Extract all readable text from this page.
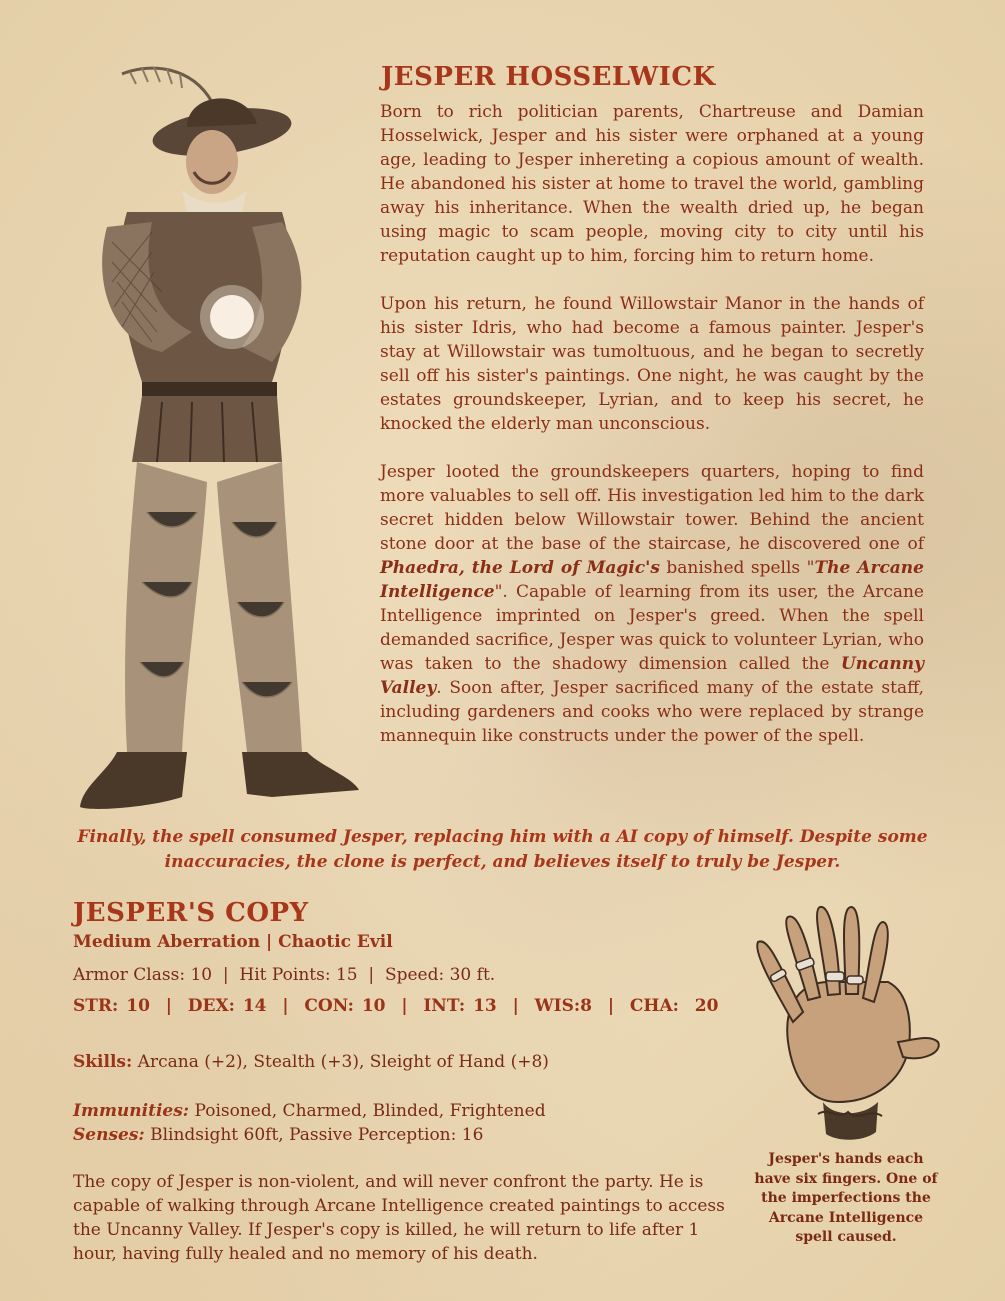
JESPER HOSSELWICK

Born to rich politician parents, Chartreuse and Damian Hosselwick, Jesper and his sister were orphaned at a young age, leading to Jesper inhereting a copious amount of wealth. He abandoned his sister at home to travel the world, gambling away his inheritance. When the wealth dried up, he began using magic to scam people, moving city to city until his reputation caught up to him, forcing him to return home.

Upon his return, he found Willowstair Manor in the hands of his sister Idris, who had become a famous painter. Jesper's stay at Willowstair was tumoltuous, and he began to secretly sell off his sister's paintings. One night, he was caught by the estates groundskeeper, Lyrian, and to keep his secret, he knocked the elderly man unconscious.

Jesper looted the groundskeepers quarters, hoping to find more valuables to sell off. His investigation led him to the dark secret hidden below Willowstair tower. Behind the ancient stone door at the base of the staircase, he discovered one of Phaedra, the Lord of Magic's banished spells "The Arcane Intelligence". Capable of learning from its user, the Arcane Intelligence imprinted on Jesper's greed. When the spell demanded sacrifice, Jesper was quick to volunteer Lyrian, who was taken to the shadowy dimension called the Uncanny Valley. Soon after, Jesper sacrificed many of the estate staff, including gardeners and cooks who were replaced by strange mannequin like constructs under the power of the spell.

Finally, the spell consumed Jesper, replacing him with a AI copy of himself. Despite some inaccuracies, the clone is perfect, and believes itself to truly be Jesper.
JESPER'S COPY
Medium Aberration | Chaotic Evil
Armor Class: 10  |  Hit Points: 15  |  Speed: 30 ft.
STR: 10  |  DEX: 14  |  CON: 10  |  INT: 13  |  WIS:8  |  CHA:  20
Skills: Arcana (+2), Stealth (+3), Sleight of Hand (+8)
Immunities: Poisoned, Charmed, Blinded, Frightened
Senses: Blindsight 60ft, Passive Perception: 16
The copy of Jesper is non-violent, and will never confront the party. He is capable of walking through Arcane Intelligence created paintings to access the Uncanny Valley. If Jesper's copy is killed, he will return to life after 1 hour, having fully healed and no memory of his death.
Jesper's hands each have six fingers. One of the imperfections the Arcane Intelligence spell caused.
